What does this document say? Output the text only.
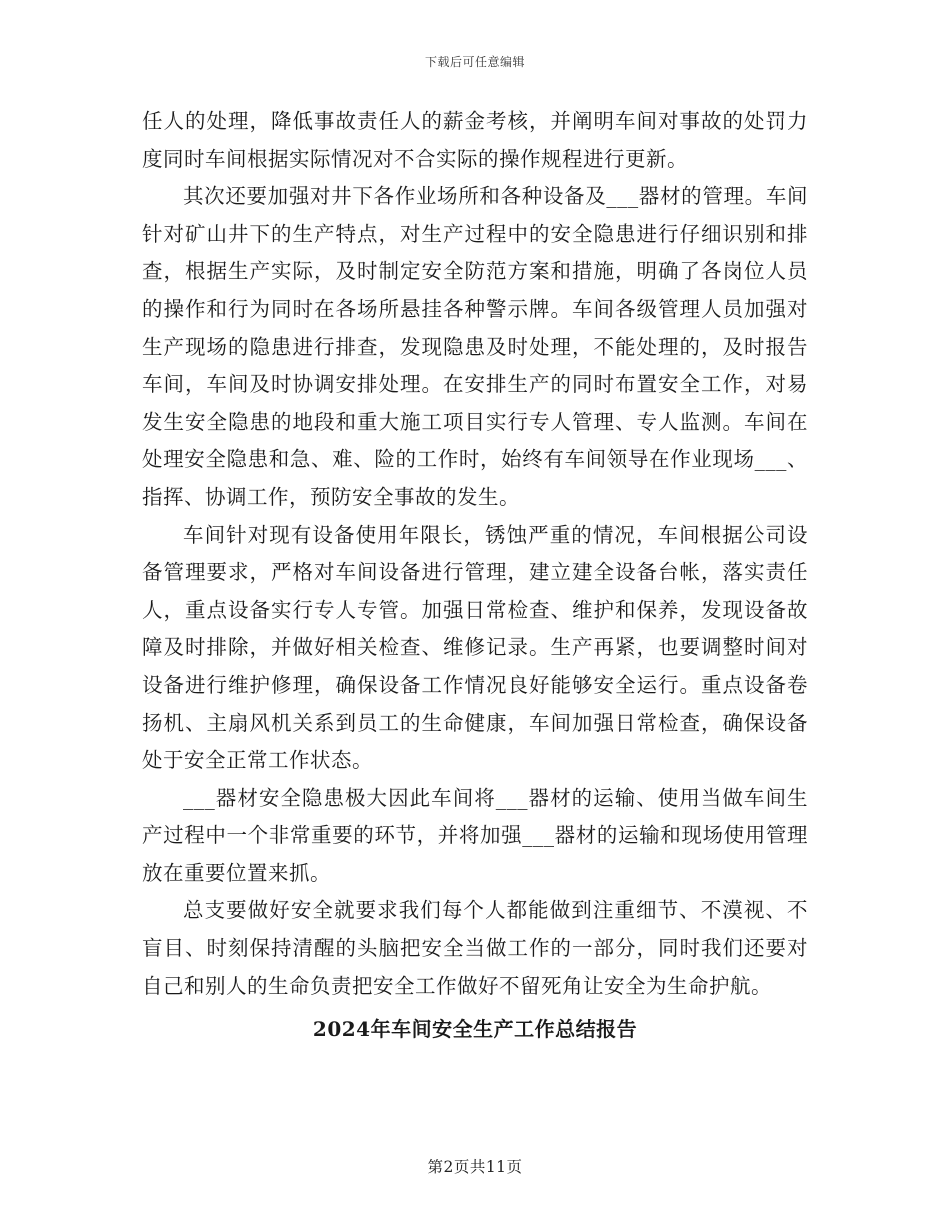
下载后可任意编辑

任人的处理，降低事故责任人的薪金考核，并阐明车间对事故的处罚力度同时车间根据实际情况对不合实际的操作规程进行更新。

其次还要加强对井下各作业场所和各种设备及___器材的管理。车间针对矿山井下的生产特点，对生产过程中的安全隐患进行仔细识别和排查，根据生产实际，及时制定安全防范方案和措施，明确了各岗位人员的操作和行为同时在各场所悬挂各种警示牌。车间各级管理人员加强对生产现场的隐患进行排查，发现隐患及时处理，不能处理的，及时报告车间，车间及时协调安排处理。在安排生产的同时布置安全工作，对易发生安全隐患的地段和重大施工项目实行专人管理、专人监测。车间在处理安全隐患和急、难、险的工作时，始终有车间领导在作业现场___、指挥、协调工作，预防安全事故的发生。

车间针对现有设备使用年限长，锈蚀严重的情况，车间根据公司设备管理要求，严格对车间设备进行管理，建立建全设备台帐，落实责任人，重点设备实行专人专管。加强日常检查、维护和保养，发现设备故障及时排除，并做好相关检查、维修记录。生产再紧，也要调整时间对设备进行维护修理，确保设备工作情况良好能够安全运行。重点设备卷扬机、主扇风机关系到员工的生命健康，车间加强日常检查，确保设备处于安全正常工作状态。

___器材安全隐患极大因此车间将___器材的运输、使用当做车间生产过程中一个非常重要的环节，并将加强___器材的运输和现场使用管理放在重要位置来抓。

总支要做好安全就要求我们每个人都能做到注重细节、不漠视、不盲目、时刻保持清醒的头脑把安全当做工作的一部分，同时我们还要对自己和别人的生命负责把安全工作做好不留死角让安全为生命护航。

2024年车间安全生产工作总结报告
第2页共11页
